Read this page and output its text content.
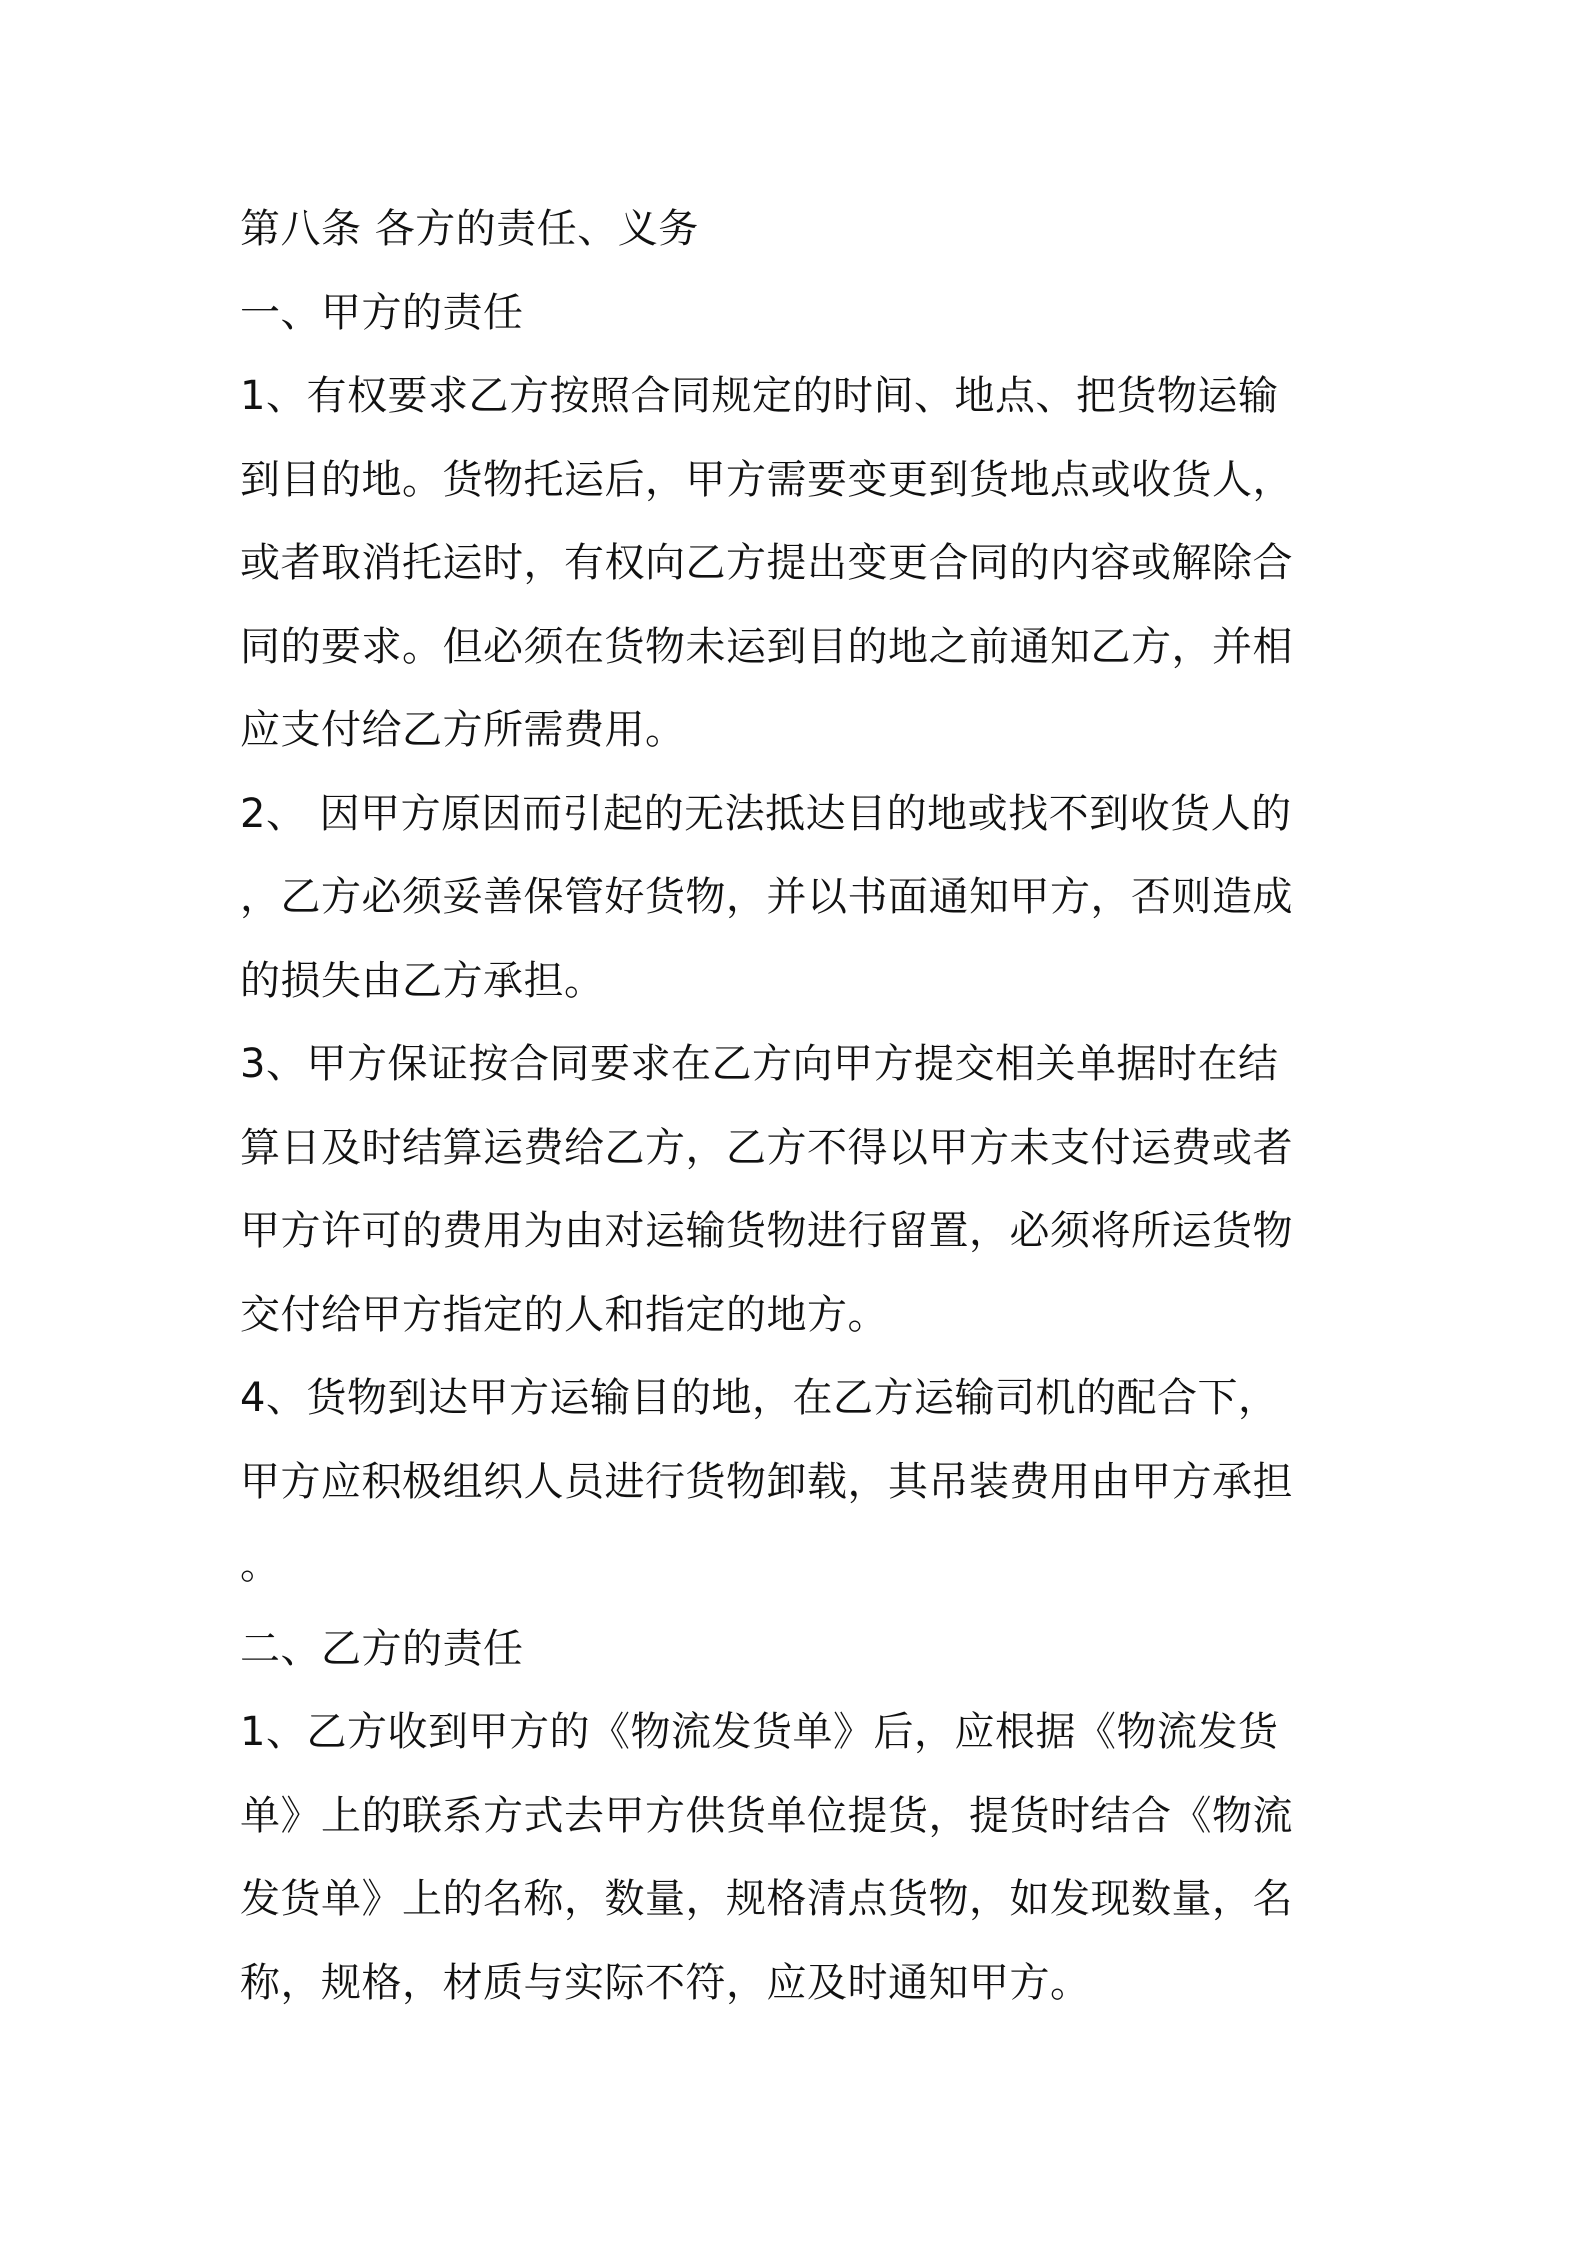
第八条 各方的责任、义务
一、甲方的责任
1、有权要求乙方按照合同规定的时间、地点、把货物运输
到目的地。货物托运后，甲方需要变更到货地点或收货人，
或者取消托运时，有权向乙方提出变更合同的内容或解除合
同的要求。但必须在货物未运到目的地之前通知乙方，并相
应支付给乙方所需费用。
2、 因甲方原因而引起的无法抵达目的地或找不到收货人的
，乙方必须妥善保管好货物，并以书面通知甲方，否则造成
的损失由乙方承担。
3、甲方保证按合同要求在乙方向甲方提交相关单据时在结
算日及时结算运费给乙方，乙方不得以甲方未支付运费或者
甲方许可的费用为由对运输货物进行留置，必须将所运货物
交付给甲方指定的人和指定的地方。
4、货物到达甲方运输目的地，在乙方运输司机的配合下，
甲方应积极组织人员进行货物卸载，其吊装费用由甲方承担
。
二、乙方的责任
1、乙方收到甲方的《物流发货单》后，应根据《物流发货
单》上的联系方式去甲方供货单位提货，提货时结合《物流
发货单》上的名称，数量，规格清点货物，如发现数量，名
称，规格，材质与实际不符，应及时通知甲方。
